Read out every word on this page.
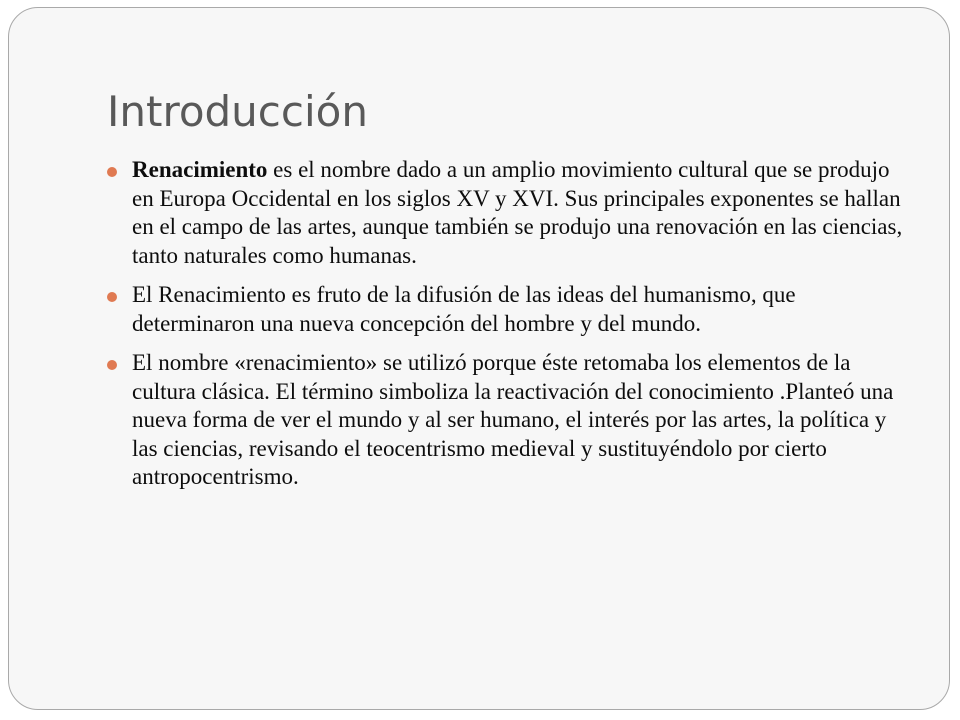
Introducción
Renacimiento es el nombre dado a un amplio movimiento cultural que se produjo en Europa Occidental en los siglos XV y XVI. Sus principales exponentes se hallan en el campo de las artes, aunque también se produjo una renovación en las ciencias, tanto naturales como humanas.
El Renacimiento es fruto de la difusión de las ideas del humanismo, que determinaron una nueva concepción del hombre y del mundo.
El nombre «renacimiento» se utilizó porque éste retomaba los elementos de la cultura clásica. El término simboliza la reactivación del conocimiento .Planteó una nueva forma de ver el mundo y al ser humano, el interés por las artes, la política y las ciencias, revisando el teocentrismo medieval y sustituyéndolo por cierto antropocentrismo.
